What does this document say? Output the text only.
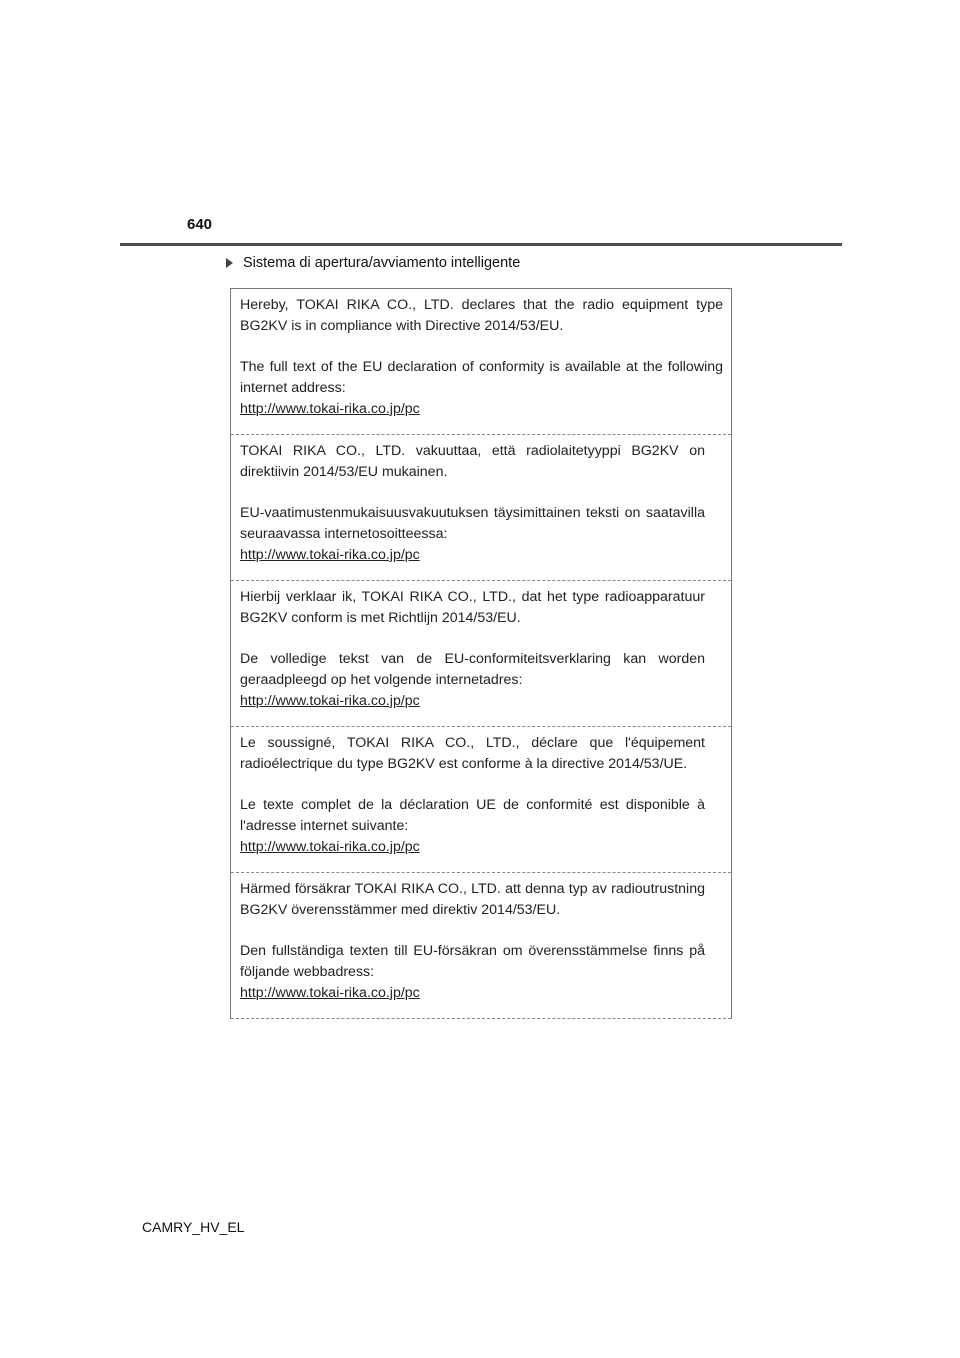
640
Sistema di apertura/avviamento intelligente

Hereby, TOKAI RIKA CO., LTD. declares that the radio equipment type BG2KV is in compliance with Directive 2014/53/EU.

The full text of the EU declaration of conformity is available at the following internet address:

http://www.tokai-rika.co.jp/pc

TOKAI RIKA CO., LTD. vakuuttaa, että radiolaitetyyppi BG2KV on direktiivin 2014/53/EU mukainen.

EU-vaatimustenmukaisuusvakuutuksen täysimittainen teksti on saatavilla seuraavassa internetosoitteessa:

http://www.tokai-rika.co.jp/pc

Hierbij verklaar ik, TOKAI RIKA CO., LTD., dat het type radioapparatuur BG2KV conform is met Richtlijn 2014/53/EU.

De volledige tekst van de EU-conformiteitsverklaring kan worden geraadpleegd op het volgende internetadres:

http://www.tokai-rika.co.jp/pc

Le soussigné, TOKAI RIKA CO., LTD., déclare que l'équipement radioélectrique du type BG2KV est conforme à la directive 2014/53/UE.

Le texte complet de la déclaration UE de conformité est disponible à l'adresse internet suivante:

http://www.tokai-rika.co.jp/pc

Härmed försäkrar TOKAI RIKA CO., LTD. att denna typ av radioutrustning BG2KV överensstämmer med direktiv 2014/53/EU.

Den fullständiga texten till EU-försäkran om överensstämmelse finns på följande webbadress:

http://www.tokai-rika.co.jp/pc
CAMRY_HV_EL
